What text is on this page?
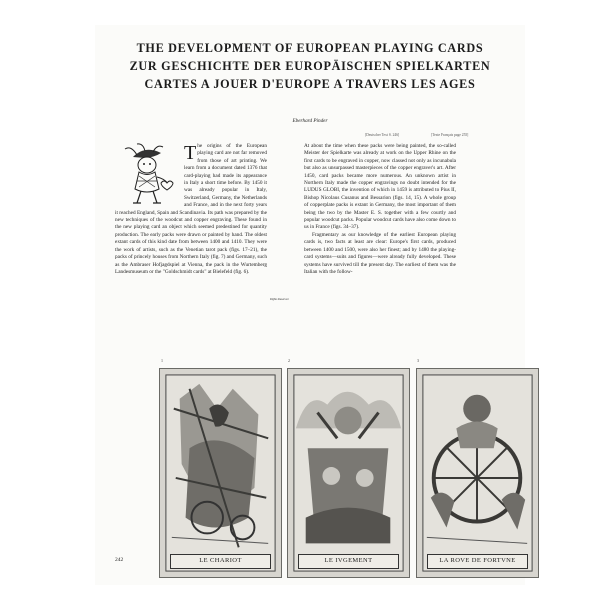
THE DEVELOPMENT OF EUROPEAN PLAYING CARDS
ZUR GESCHICHTE DER EUROPÄISCHEN SPIELKARTEN
CARTES A JOUER D'EUROPE A TRAVERS LES AGES
Eberhard Pinder
[Deutscher Text S. 246]	[Texte Français page 255]
T he origins of the European playing card are not far removed from those of art printing. We learn from a document dated 1376 that card-playing had made its appearance in Italy a short time before. By 1450 it was already popular in Italy, Switzerland, Germany, the Netherlands and France, and in the next forty years it reached England, Spain and Scandinavia. Its path was prepared by the new techniques of the woodcut and copper engraving. These found in the new playing card an object which seemed predestined for quantity production. The early packs were drawn or painted by hand. The oldest extant cards of this kind date from between 1400 and 1410. They were the work of artists, such as the Venetian tarot pack (figs. 17–21), the packs of princely houses from Northern Italy (fig. 7) and Germany, such as the Ambraser Hofjagdspiel at Vienna, the pack in the Wurtemberg Landesmuseum or the "Goldschmidt cards" at Bielefeld (fig. 6).
Rights Reserved

At about the time when these packs were being painted, the so-called Meister der Spielkarte was already at work on the Upper Rhine on the first cards to be engraved in copper, now classed not only as incunabula but also as unsurpassed masterpieces of the copper engraver's art. After 1450, card packs became more numerous. An unknown artist in Northern Italy made the copper engravings no doubt intended for the LUDUS GLOBI, the invention of which in 1459 is attributed to Pius II, Bishop Nicolaus Cusanus and Bessarion (figs. 14, 15). A whole group of copperplate packs is extant in Germany, the most important of them being the two by the Master E. S. together with a few courtly and popular woodcut packs. Popular woodcut cards have also come down to us in France (figs. 34–37).

Fragmentary as our knowledge of the earliest European playing cards is, two facts at least are clear: Europe's first cards, produced between 1400 and 1500, were also her finest; and by 1480 the playing-card systems—suits and figures—were already fully developed. These systems have survived till the present day. The earliest of them was the Italian with the follow-

1	2	3
LE CHARIOT	LE IVGEMENT	LA ROVE DE FORTVNE
242
